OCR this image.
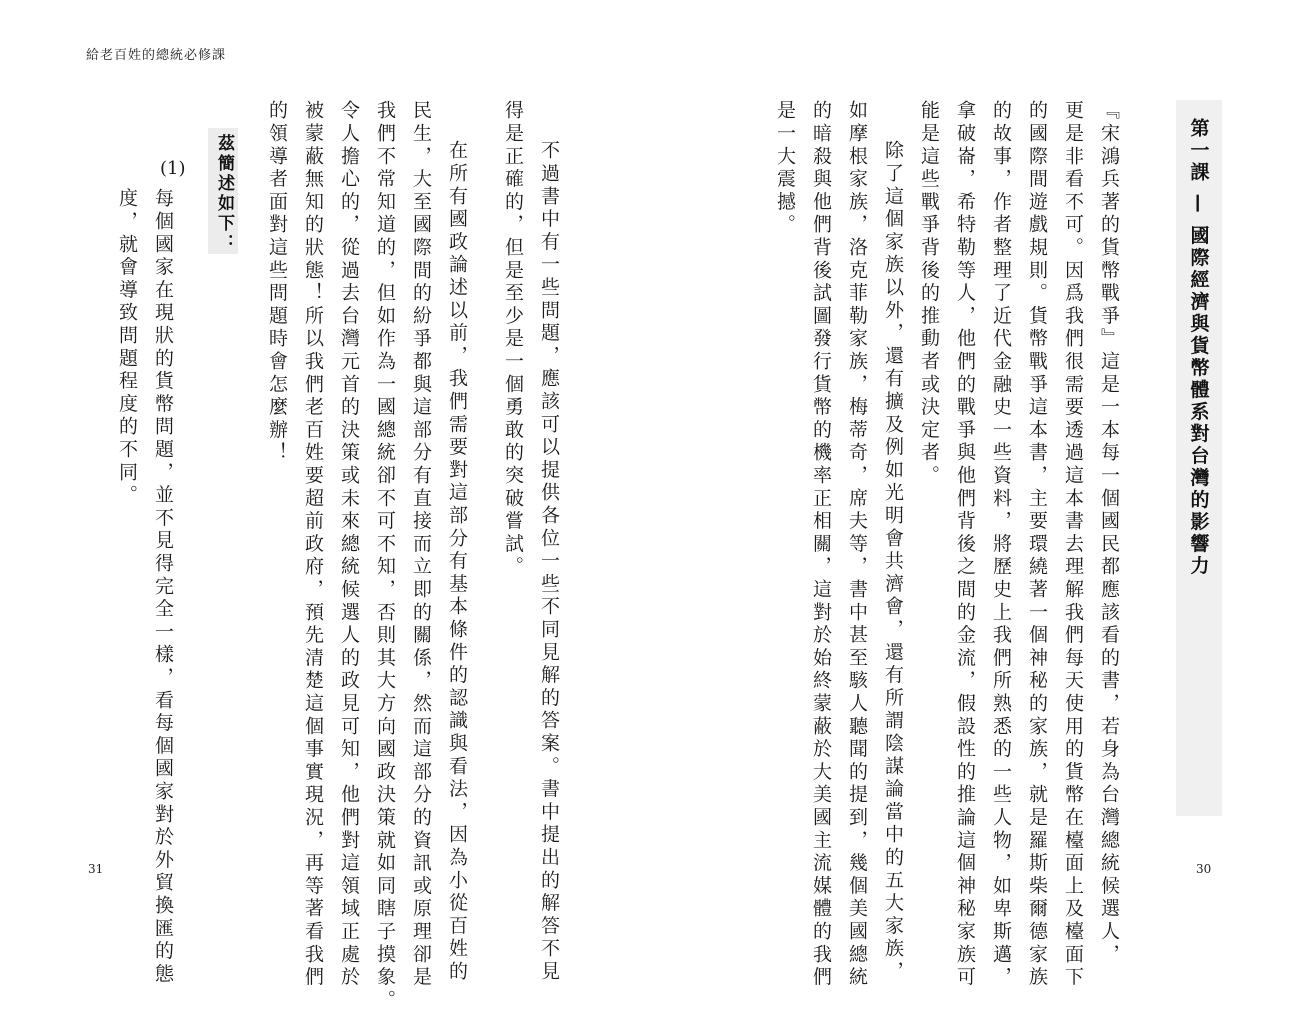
給老百姓的總統必修課
第一課 — 國際經濟與貨幣體系對台灣的影響力
『宋鴻兵著的貨幣戰爭』這是一本每一個國民都應該看的書，若身為台灣總統候選人，
更是非看不可。因爲我們很需要透過這本書去理解我們每天使用的貨幣在檯面上及檯面下
的國際間遊戲規則。貨幣戰爭這本書，主要環繞著一個神秘的家族，就是羅斯柴爾德家族
的故事，作者整理了近代金融史一些資料，將歷史上我們所熟悉的一些人物，如卑斯邁，
拿破崙，希特勒等人，他們的戰爭與他們背後之間的金流，假設性的推論這個神秘家族可
能是這些戰爭背後的推動者或決定者。
除了這個家族以外，還有擴及例如光明會共濟會，還有所謂陰謀論當中的五大家族，
如摩根家族，洛克菲勒家族，梅蒂奇，席夫等，書中甚至駭人聽聞的提到，幾個美國總統
的暗殺與他們背後試圖發行貨幣的機率正相關，這對於始終蒙蔽於大美國主流媒體的我們
是一大震撼。
30
不過書中有一些問題，應該可以提供各位一些不同見解的答案。書中提出的解答不見
得是正確的，但是至少是一個勇敢的突破嘗試。
在所有國政論述以前，我們需要對這部分有基本條件的認識與看法，因為小從百姓的
民生，大至國際間的紛爭都與這部分有直接而立即的關係，然而這部分的資訊或原理卻是
我們不常知道的，但如作為一國總統卻不可不知，否則其大方向國政決策就如同瞎子摸象。
令人擔心的，從過去台灣元首的決策或未來總統候選人的政見可知，他們對這領域正處於
被蒙蔽無知的狀態！所以我們老百姓要超前政府，預先清楚這個事實現況，再等著看我們
的領導者面對這些問題時會怎麼辦！
茲簡述如下：
(1)
每個國家在現狀的貨幣問題，並不見得完全一樣，看每個國家對於外貿換匯的態
度，就會導致問題程度的不同。
31
